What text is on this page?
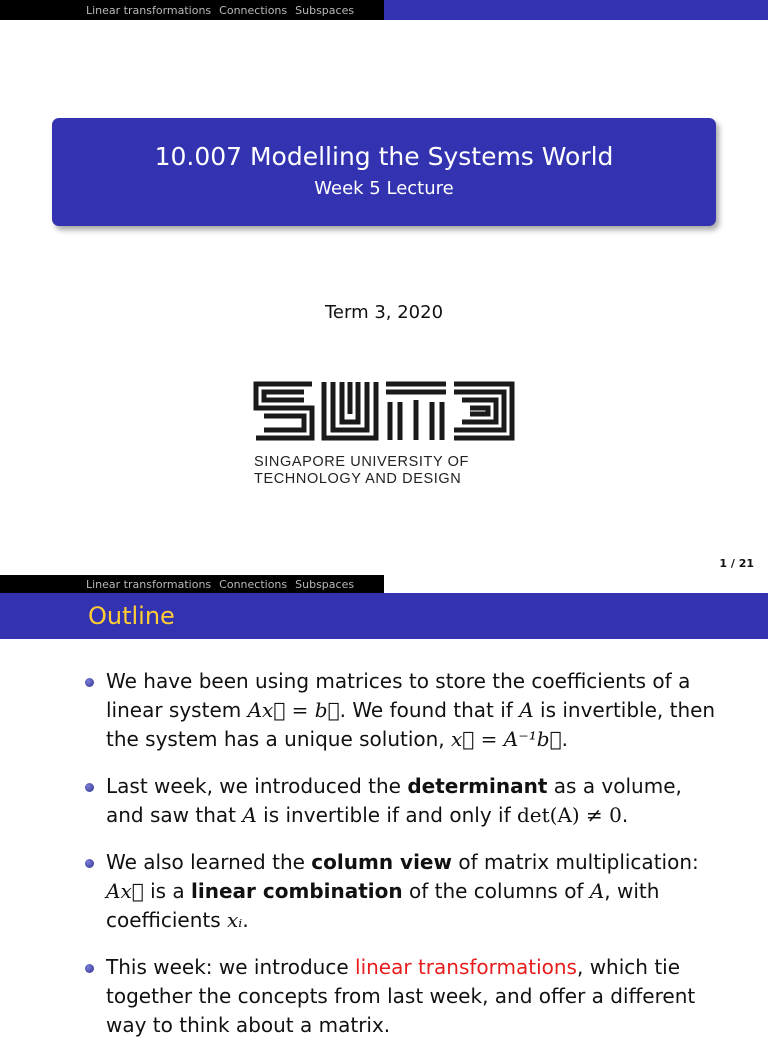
Linear transformations Connections Subspaces
10.007 Modelling the Systems World
Week 5 Lecture
Term 3, 2020
SINGAPORE UNIVERSITY OF
TECHNOLOGY AND DESIGN
1 / 21
Linear transformations Connections Subspaces
Outline
We have been using matrices to store the coefficients of a linear system Ax⃗ = b⃗. We found that if A is invertible, then the system has a unique solution, x⃗ = A⁻¹b⃗.
Last week, we introduced the determinant as a volume, and saw that A is invertible if and only if det(A) ≠ 0.
We also learned the column view of matrix multiplication: Ax⃗ is a linear combination of the columns of A, with coefficients xᵢ.
This week: we introduce linear transformations, which tie together the concepts from last week, and offer a different way to think about a matrix.
